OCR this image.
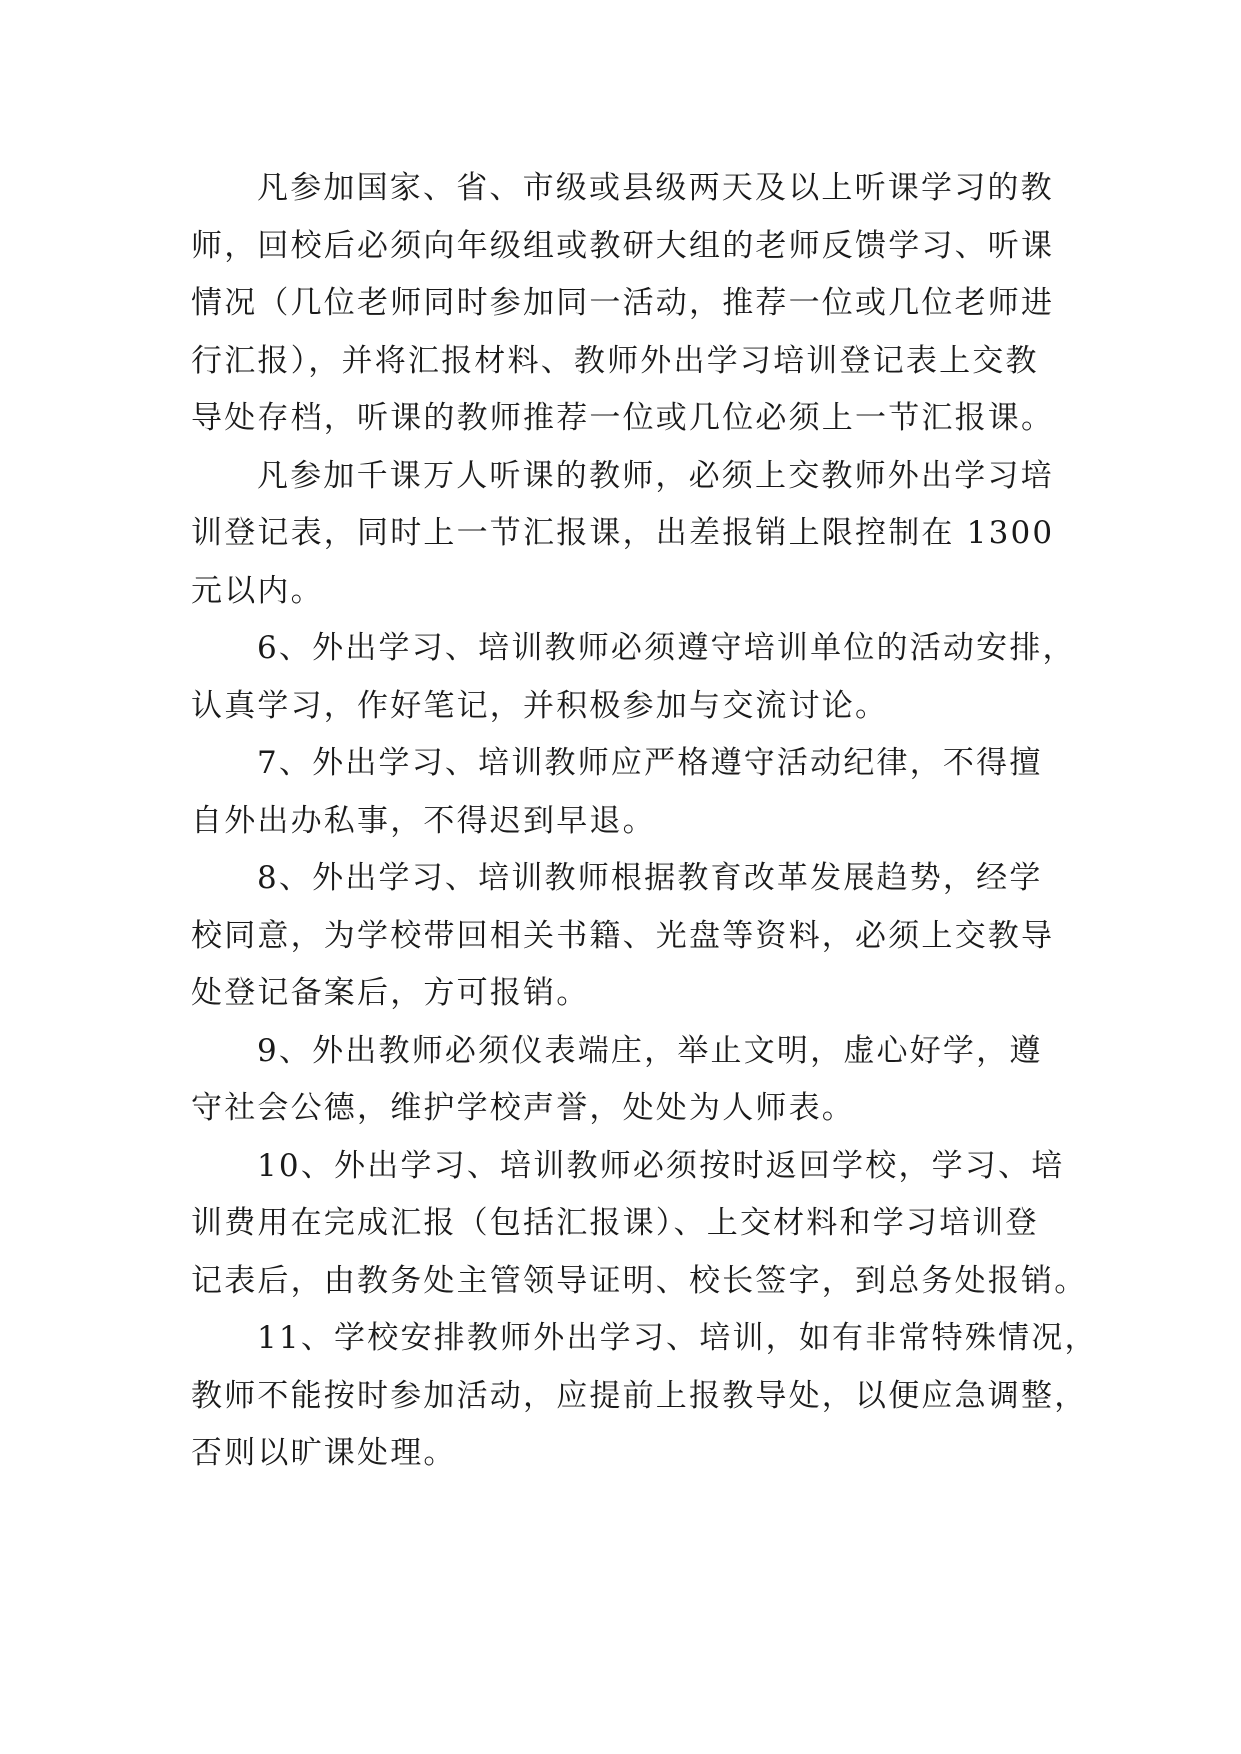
凡参加国家、省、市级或县级两天及以上听课学习的教
师，回校后必须向年级组或教研大组的老师反馈学习、听课
情况（几位老师同时参加同一活动，推荐一位或几位老师进
行汇报），并将汇报材料、教师外出学习培训登记表上交教
导处存档，听课的教师推荐一位或几位必须上一节汇报课。
凡参加千课万人听课的教师，必须上交教师外出学习培
训登记表，同时上一节汇报课，出差报销上限控制在 1300
元以内。
6、外出学习、培训教师必须遵守培训单位的活动安排，
认真学习，作好笔记，并积极参加与交流讨论。
7、外出学习、培训教师应严格遵守活动纪律，不得擅
自外出办私事，不得迟到早退。
8、外出学习、培训教师根据教育改革发展趋势，经学
校同意，为学校带回相关书籍、光盘等资料，必须上交教导
处登记备案后，方可报销。
9、外出教师必须仪表端庄，举止文明，虚心好学，遵
守社会公德，维护学校声誉，处处为人师表。
10、外出学习、培训教师必须按时返回学校，学习、培
训费用在完成汇报（包括汇报课）、上交材料和学习培训登
记表后，由教务处主管领导证明、校长签字，到总务处报销。
11、学校安排教师外出学习、培训，如有非常特殊情况，
教师不能按时参加活动，应提前上报教导处，以便应急调整，
否则以旷课处理。
